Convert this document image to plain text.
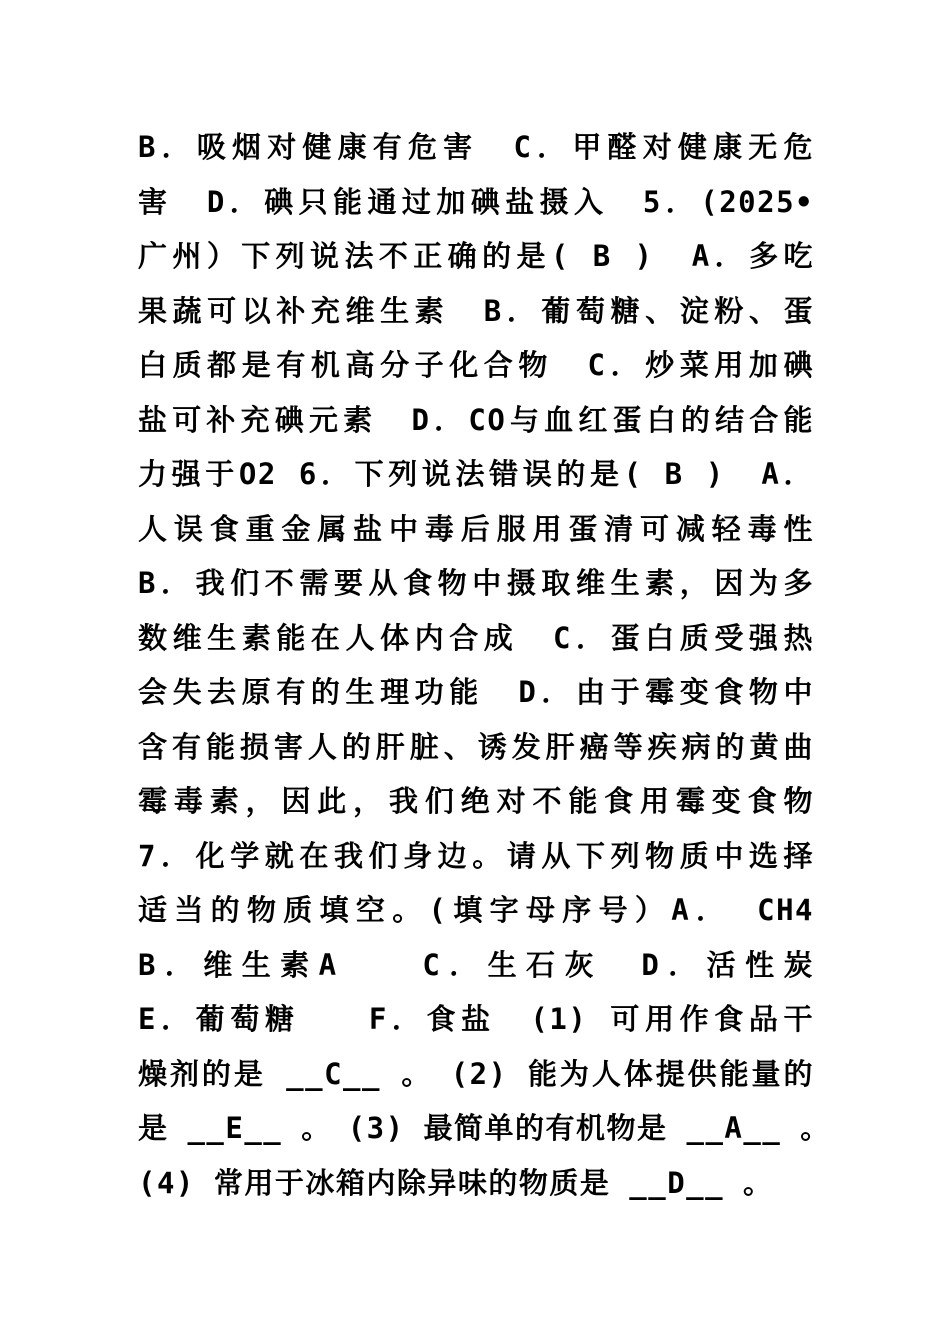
B．吸烟对健康有危害　C．甲醛对健康无危
害　D．碘只能通过加碘盐摄入　5．(2025•
广州）下列说法不正确的是( B )　A．多吃
果蔬可以补充维生素　B．葡萄糖、淀粉、蛋
白质都是有机高分子化合物　C．炒菜用加碘
盐可补充碘元素　D．CO与血红蛋白的结合能
力强于O2 6．下列说法错误的是( B )　A．
人误食重金属盐中毒后服用蛋清可减轻毒性
B．我们不需要从食物中摄取维生素，因为多
数维生素能在人体内合成　C．蛋白质受强热
会失去原有的生理功能　D．由于霉变食物中
含有能损害人的肝脏、诱发肝癌等疾病的黄曲
霉毒素，因此，我们绝对不能食用霉变食物
7．化学就在我们身边。请从下列物质中选择
适当的物质填空。(填字母序号）A． CH4
B．维生素A　　C．生石灰　D．活性炭
E．葡萄糖　　F．食盐　(1) 可用作食品干
燥剂的是 __C__ 。　(2) 能为人体提供能量的
是 __E__ 。　(3) 最简单的有机物是 __A__ 。
(4) 常用于冰箱内除异味的物质是 __D__ 。
